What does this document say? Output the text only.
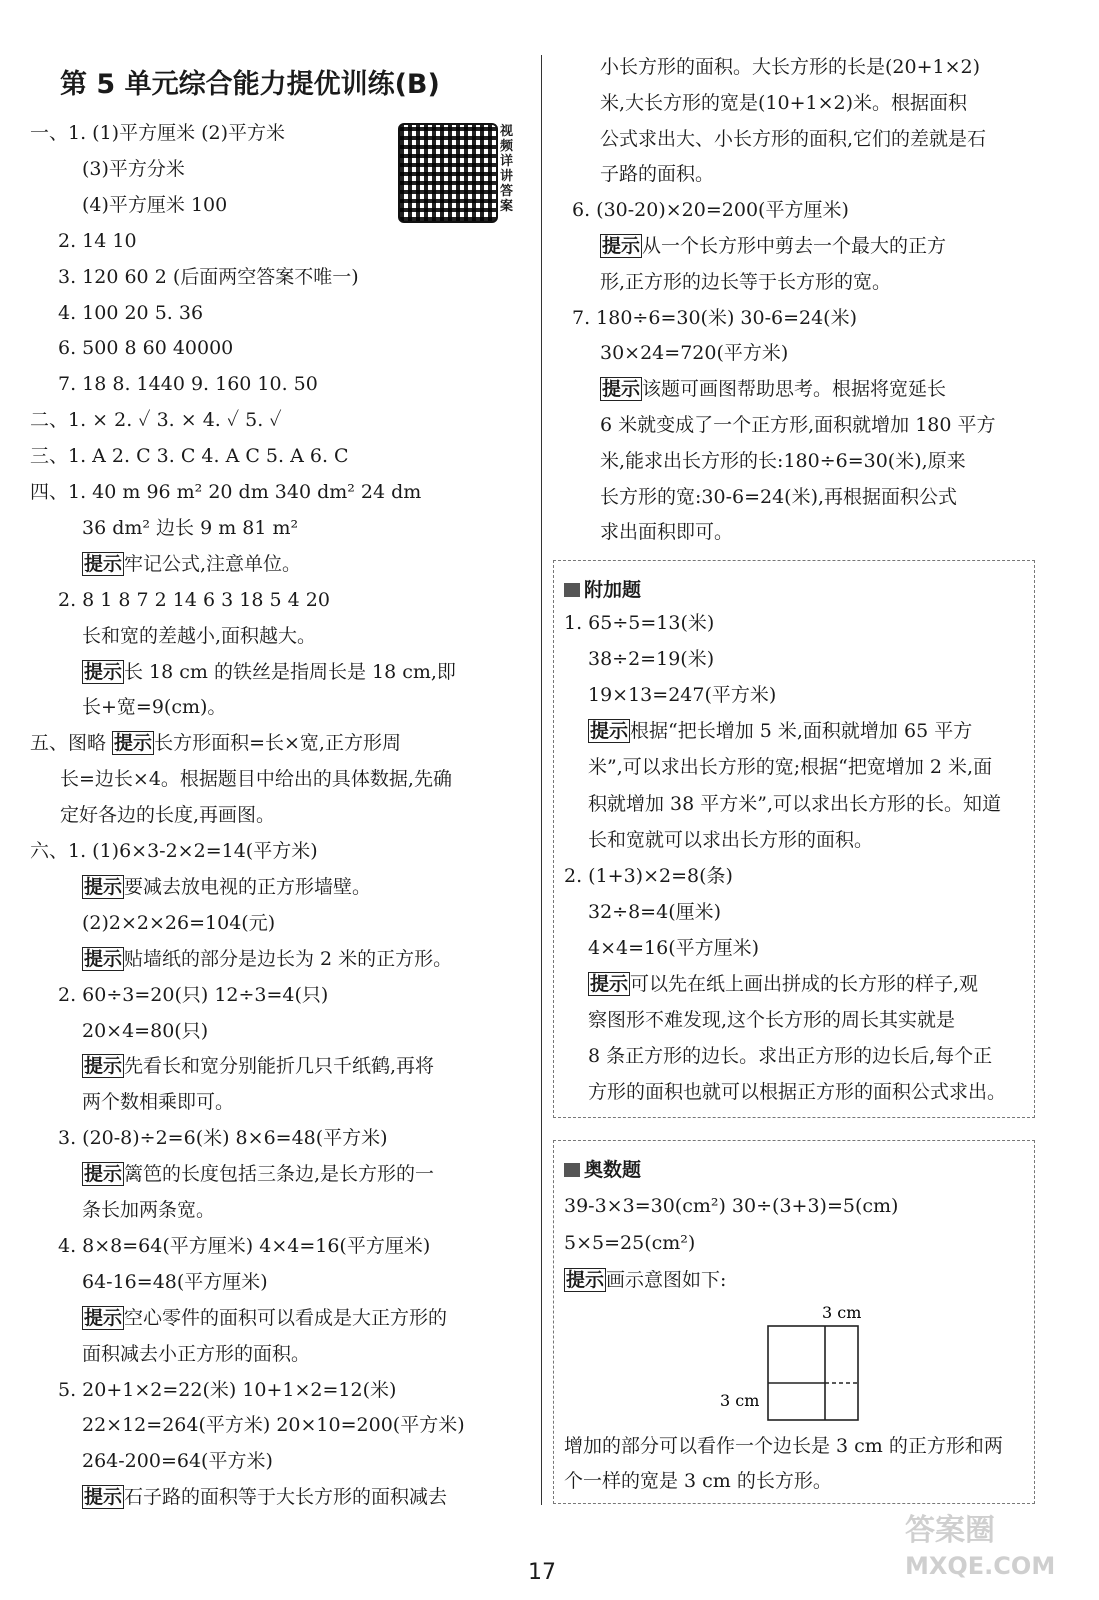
第 5 单元综合能力提优训练(B)
视频详讲答案
一、1. (1)平方厘米 (2)平方米
(3)平方分米
(4)平方厘米 100
2. 14 10
3. 120 60 2 (后面两空答案不唯一)
4. 100 20 5. 36
6. 500 8 60 40000
7. 18 8. 1440 9. 160 10. 50
二、1. × 2. ✓ 3. × 4. ✓ 5. ✓
三、1. A 2. C 3. C 4. A C 5. A 6. C
四、1. 40 m 96 m² 20 dm 340 dm² 24 dm
36 dm² 边长 9 m 81 m²
提示 牢记公式,注意单位。
2. 8 1 8 7 2 14 6 3 18 5 4 20
长和宽的差越小,面积越大。
提示 长 18 cm 的铁丝是指周长是 18 cm,即
长+宽=9(cm)。
五、图略 提示 长方形面积=长×宽,正方形周
长=边长×4。根据题目中给出的具体数据,先确
定好各边的长度,再画图。
六、1. (1)6×3-2×2=14(平方米)
提示 要减去放电视的正方形墙壁。
(2)2×2×26=104(元)
提示 贴墙纸的部分是边长为 2 米的正方形。
2. 60÷3=20(只) 12÷3=4(只)
20×4=80(只)
提示 先看长和宽分别能折几只千纸鹤,再将
两个数相乘即可。
3. (20-8)÷2=6(米) 8×6=48(平方米)
提示 篱笆的长度包括三条边,是长方形的一
条长加两条宽。
4. 8×8=64(平方厘米) 4×4=16(平方厘米)
64-16=48(平方厘米)
提示 空心零件的面积可以看成是大正方形的
面积减去小正方形的面积。
5. 20+1×2=22(米) 10+1×2=12(米)
22×12=264(平方米) 20×10=200(平方米)
264-200=64(平方米)
提示 石子路的面积等于大长方形的面积减去
小长方形的面积。大长方形的长是(20+1×2)
米,大长方形的宽是(10+1×2)米。根据面积
公式求出大、小长方形的面积,它们的差就是石
子路的面积。
6. (30-20)×20=200(平方厘米)
提示 从一个长方形中剪去一个最大的正方
形,正方形的边长等于长方形的宽。
7. 180÷6=30(米) 30-6=24(米)
30×24=720(平方米)
提示 该题可画图帮助思考。根据将宽延长
6 米就变成了一个正方形,面积就增加 180 平方
米,能求出长方形的长:180÷6=30(米),原来
长方形的宽:30-6=24(米),再根据面积公式
求出面积即可。
附加题
1. 65÷5=13(米)
38÷2=19(米)
19×13=247(平方米)
提示 根据“把长增加 5 米,面积就增加 65 平方
米”,可以求出长方形的宽;根据“把宽增加 2 米,面
积就增加 38 平方米”,可以求出长方形的长。知道
长和宽就可以求出长方形的面积。
2. (1+3)×2=8(条)
32÷8=4(厘米)
4×4=16(平方厘米)
提示 可以先在纸上画出拼成的长方形的样子,观
察图形不难发现,这个长方形的周长其实就是
8 条正方形的边长。求出正方形的边长后,每个正
方形的面积也就可以根据正方形的面积公式求出。
奥数题
39-3×3=30(cm²) 30÷(3+3)=5(cm)
5×5=25(cm²)
提示 画示意图如下:
3 cm
3 cm
增加的部分可以看作一个边长是 3 cm 的正方形和两
个一样的宽是 3 cm 的长方形。
17
答案圈
MXQE.COM
